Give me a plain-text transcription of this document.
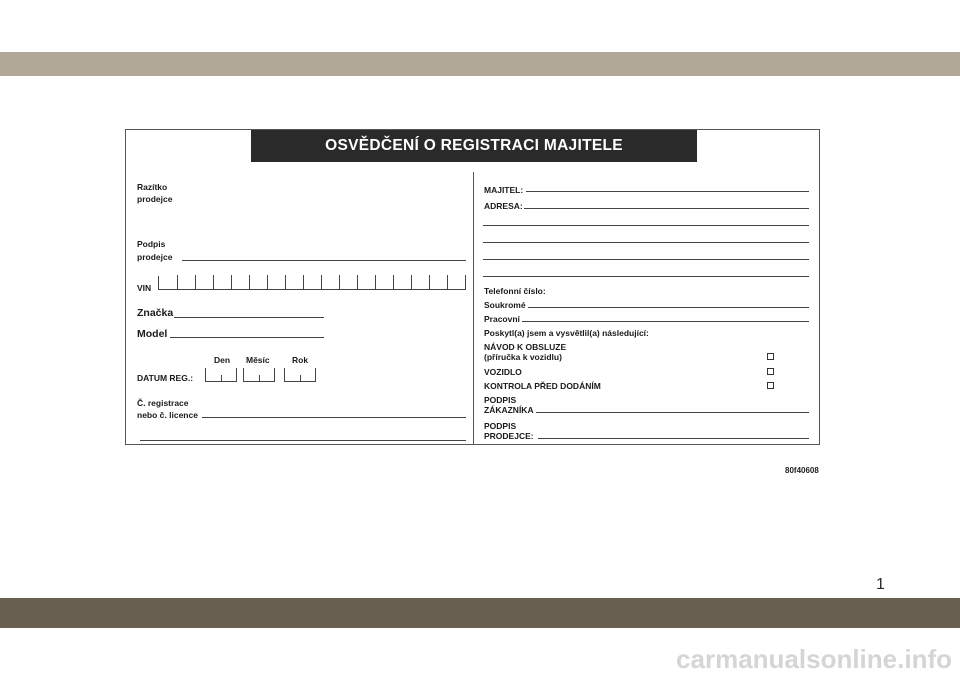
OSVĚDČENÍ O REGISTRACI MAJITELE
Razítko
prodejce
Podpis
prodejce
VIN
Značka
Model
Den Měsíc	Rok
DATUM REG.:
Č. registrace
nebo č. licence
MAJITEL:
ADRESA:
Telefonní číslo:
Soukromé
Pracovní
Poskytl(a) jsem a vysvětlil(a) následující:
NÁVOD K OBSLUZE
(příručka k vozidlu)
VOZIDLO
KONTROLA PŘED DODÁNÍM
PODPIS
ZÁKAZNÍKA
PODPIS
PRODEJCE:
80f40608
1
carmanualsonline.info
